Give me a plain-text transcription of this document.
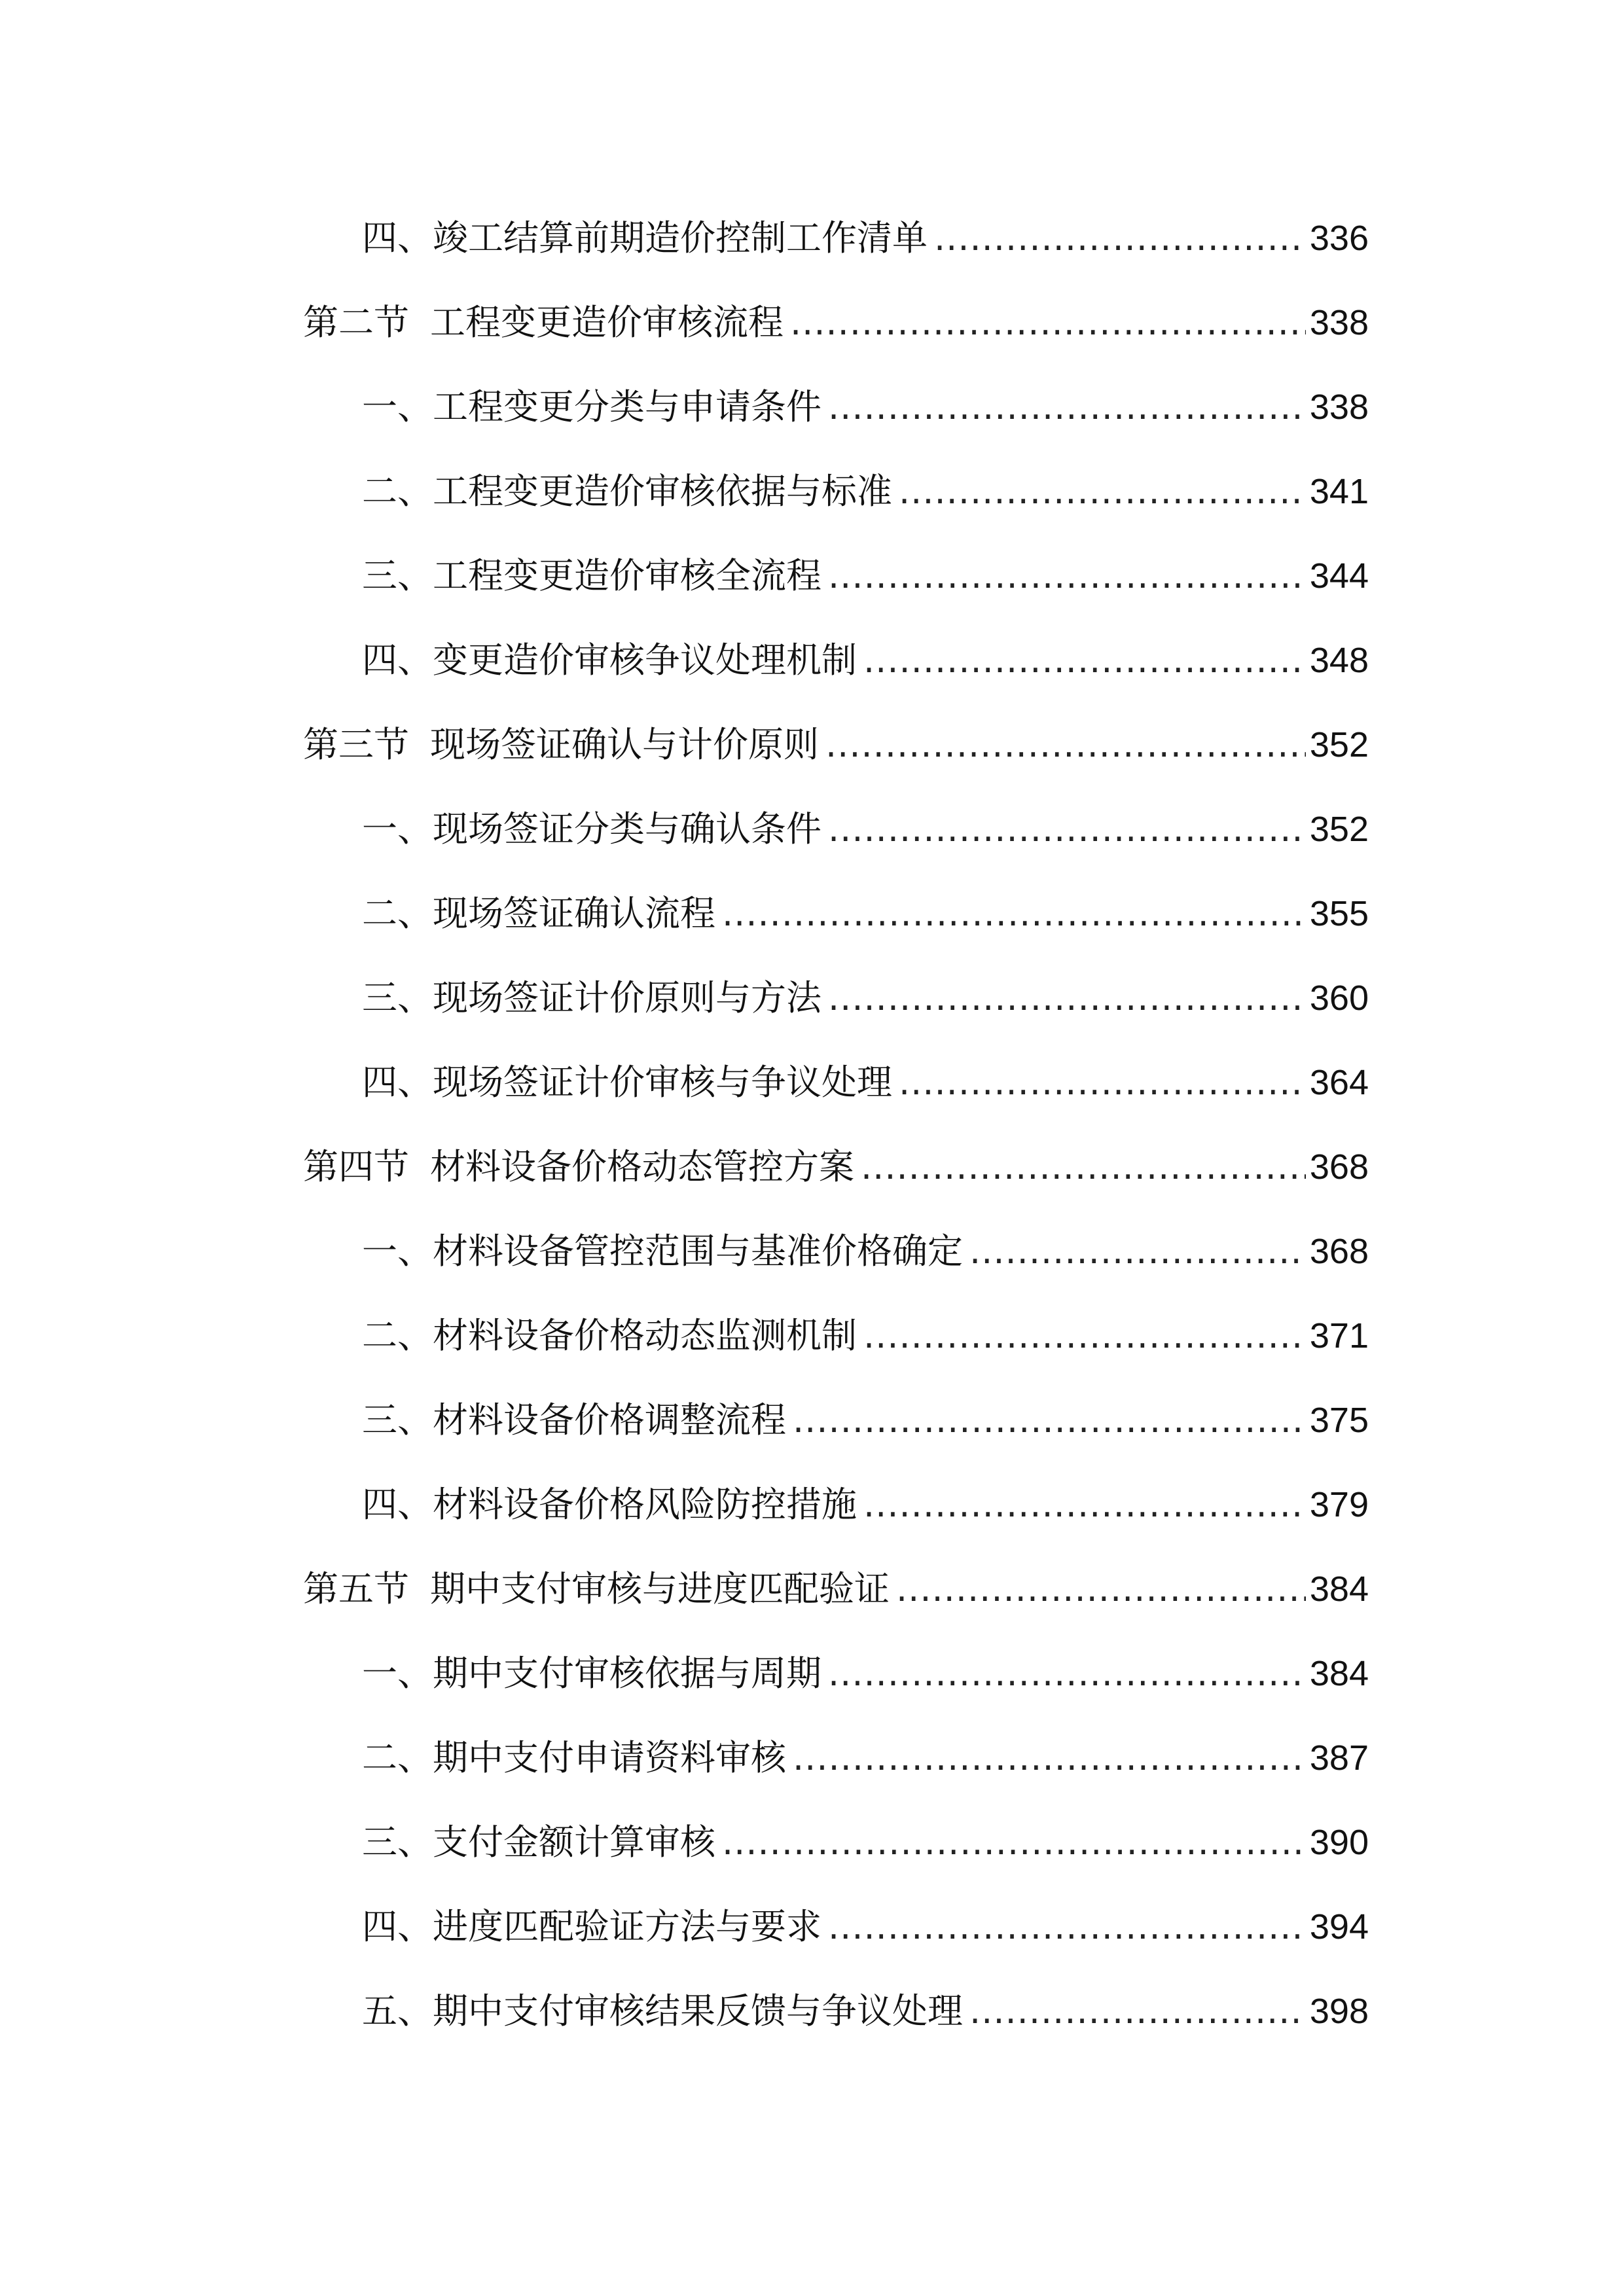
四、竣工结算前期造价控制工作清单 .....	336
第二节 工程变更造价审核流程 .....	338
一、工程变更分类与申请条件 .....	338
二、工程变更造价审核依据与标准 .....	341
三、工程变更造价审核全流程 .....	344
四、变更造价审核争议处理机制 .....	348
第三节 现场签证确认与计价原则 .....	352
一、现场签证分类与确认条件 .....	352
二、现场签证确认流程 .....	355
三、现场签证计价原则与方法 .....	360
四、现场签证计价审核与争议处理 .....	364
第四节 材料设备价格动态管控方案 .....	368
一、材料设备管控范围与基准价格确定 .....	368
二、材料设备价格动态监测机制 .....	371
三、材料设备价格调整流程 .....	375
四、材料设备价格风险防控措施 .....	379
第五节 期中支付审核与进度匹配验证 .....	384
一、期中支付审核依据与周期 .....	384
二、期中支付申请资料审核 .....	387
三、支付金额计算审核 .....	390
四、进度匹配验证方法与要求 .....	394
五、期中支付审核结果反馈与争议处理 .....	398
